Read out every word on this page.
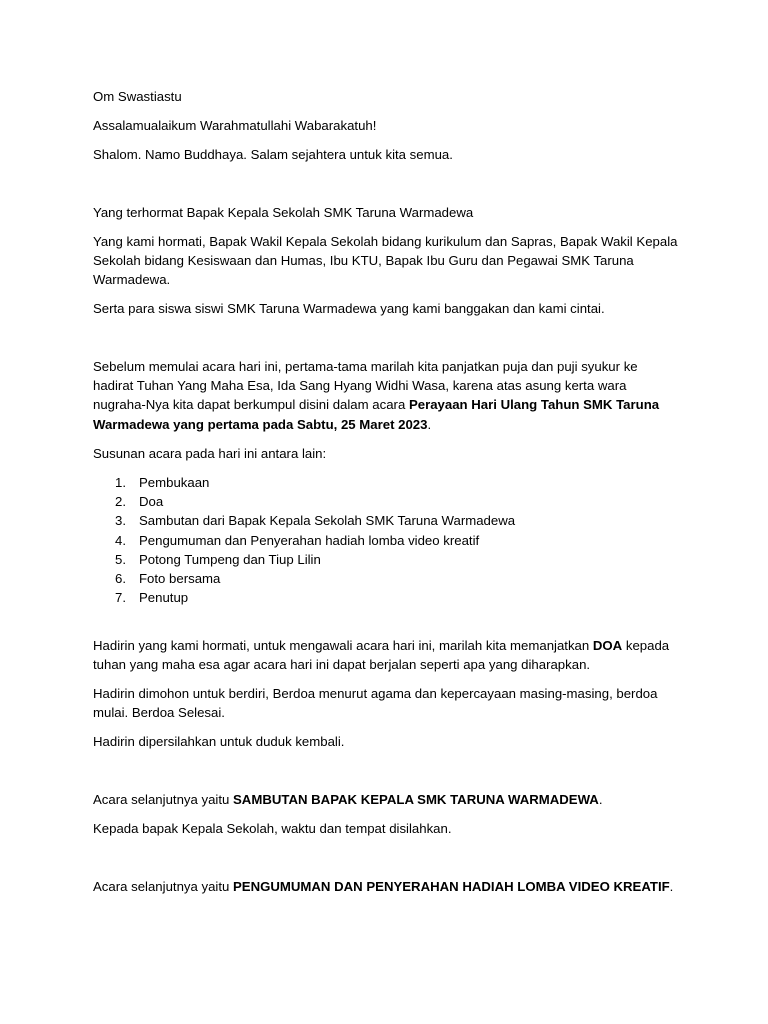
Om Swastiastu

Assalamualaikum Warahmatullahi Wabarakatuh!

Shalom. Namo Buddhaya. Salam sejahtera untuk kita semua.

Yang terhormat Bapak Kepala Sekolah SMK Taruna Warmadewa

Yang kami hormati, Bapak Wakil Kepala Sekolah bidang kurikulum dan Sapras, Bapak Wakil Kepala Sekolah bidang Kesiswaan dan Humas, Ibu KTU, Bapak Ibu Guru dan Pegawai SMK Taruna Warmadewa.

Serta para siswa siswi SMK Taruna Warmadewa yang kami banggakan dan kami cintai.

Sebelum memulai acara hari ini, pertama-tama marilah kita panjatkan puja dan puji syukur ke hadirat Tuhan Yang Maha Esa, Ida Sang Hyang Widhi Wasa, karena atas asung kerta wara nugraha-Nya kita dapat berkumpul disini dalam acara Perayaan Hari Ulang Tahun SMK Taruna Warmadewa yang pertama pada Sabtu, 25 Maret 2023.

Susunan acara pada hari ini antara lain:

1. Pembukaan
2. Doa
3. Sambutan dari Bapak Kepala Sekolah SMK Taruna Warmadewa
4. Pengumuman dan Penyerahan hadiah lomba video kreatif
5. Potong Tumpeng dan Tiup Lilin
6. Foto bersama
7. Penutup

Hadirin yang kami hormati, untuk mengawali acara hari ini, marilah kita memanjatkan DOA kepada tuhan yang maha esa agar acara hari ini dapat berjalan seperti apa yang diharapkan.

Hadirin dimohon untuk berdiri, Berdoa menurut agama dan kepercayaan masing-masing, berdoa mulai. Berdoa Selesai.

Hadirin dipersilahkan untuk duduk kembali.

Acara selanjutnya yaitu SAMBUTAN BAPAK KEPALA SMK TARUNA WARMADEWA.

Kepada bapak Kepala Sekolah, waktu dan tempat disilahkan.

Acara selanjutnya yaitu PENGUMUMAN DAN PENYERAHAN HADIAH LOMBA VIDEO KREATIF.
